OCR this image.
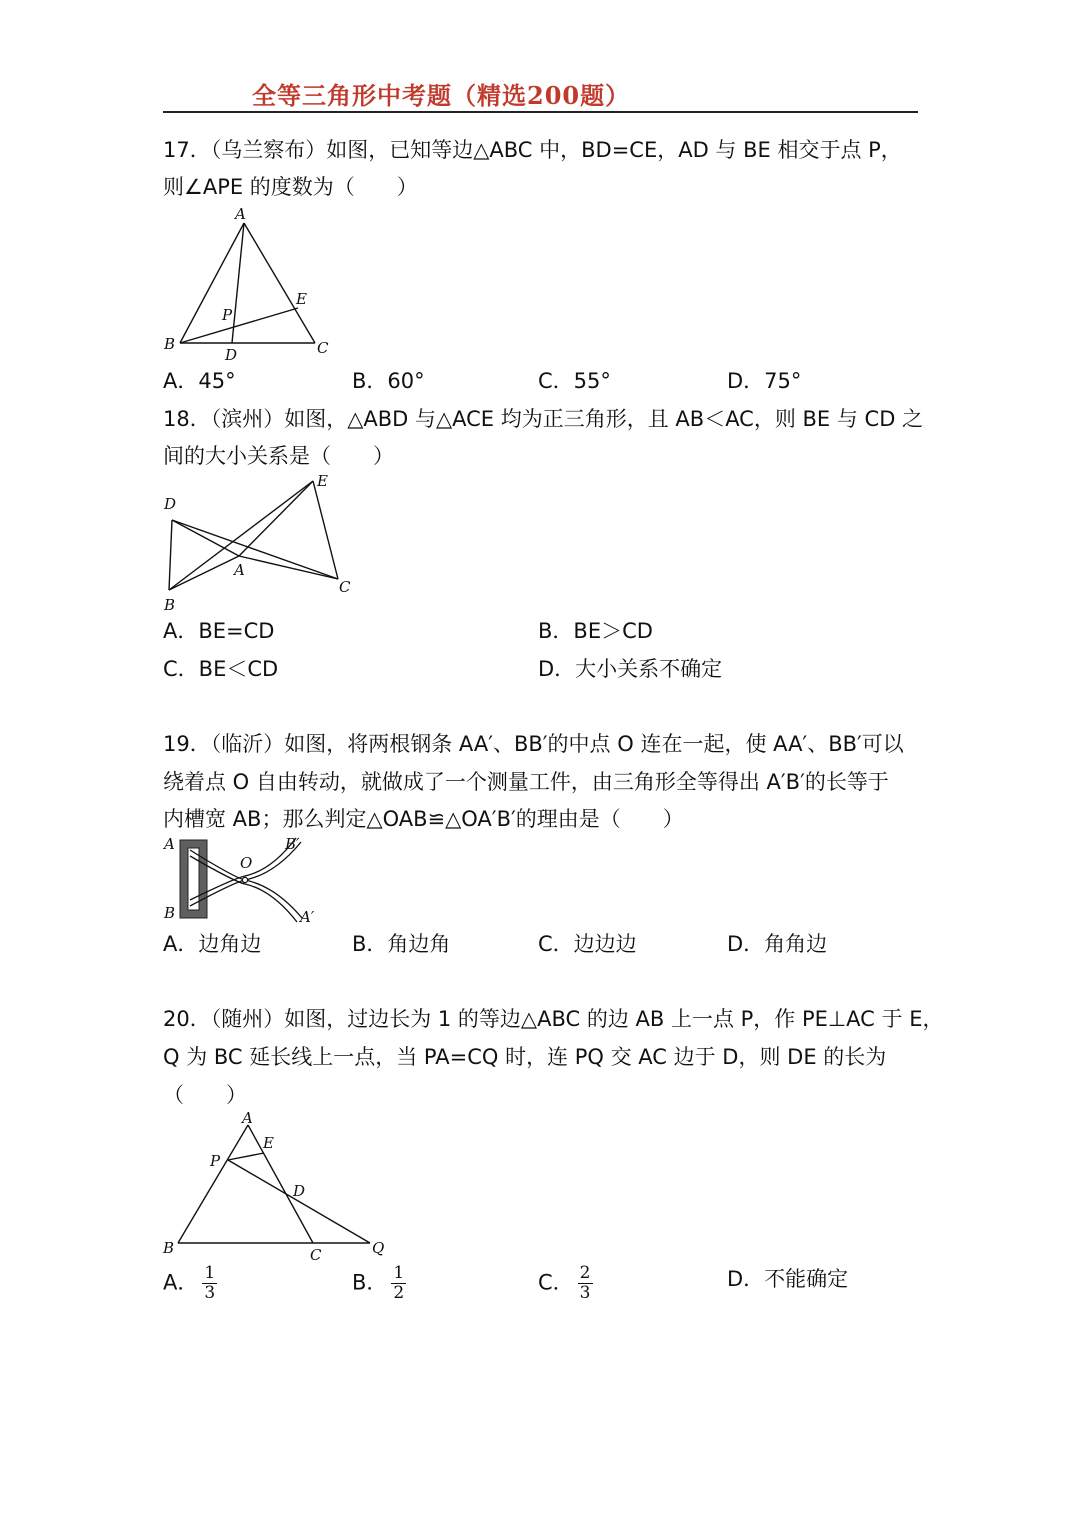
全等三角形中考题（精选200题）
17．（乌兰察布）如图，已知等边△ABC 中，BD=CE，AD 与 BE 相交于点 P，
则∠APE 的度数为（　　）
A
B	C
D
E
P
A．45°	B．60°	C．55°	D．75°
18．（滨州）如图，△ABD 与△ACE 均为正三角形，且 AB＜AC，则 BE 与 CD 之
间的大小关系是（　　）
D
E
A
C
B
A．BE=CD	B．BE＞CD
C．BE＜CD	D．大小关系不确定
19．（临沂）如图，将两根钢条 AA′、BB′的中点 O 连在一起，使 AA′、BB′可以
绕着点 O 自由转动，就做成了一个测量工件，由三角形全等得出 A′B′的长等于
内槽宽 AB；那么判定△OAB≌△OA′B′的理由是（　　）
A
B
O
B′
A′
A．边角边	B．角边角	C．边边边	D．角角边
20．（随州）如图，过边长为 1 的等边△ABC 的边 AB 上一点 P，作 PE⊥AC 于 E，
Q 为 BC 延长线上一点，当 PA=CQ 时，连 PQ 交 AC 边于 D，则 DE 的长为
（　　）
A
E
P
D
B	C	Q
A． $\frac{1}{3}$	B． $\frac{1}{2}$	C． $\frac{2}{3}$	D．不能确定
